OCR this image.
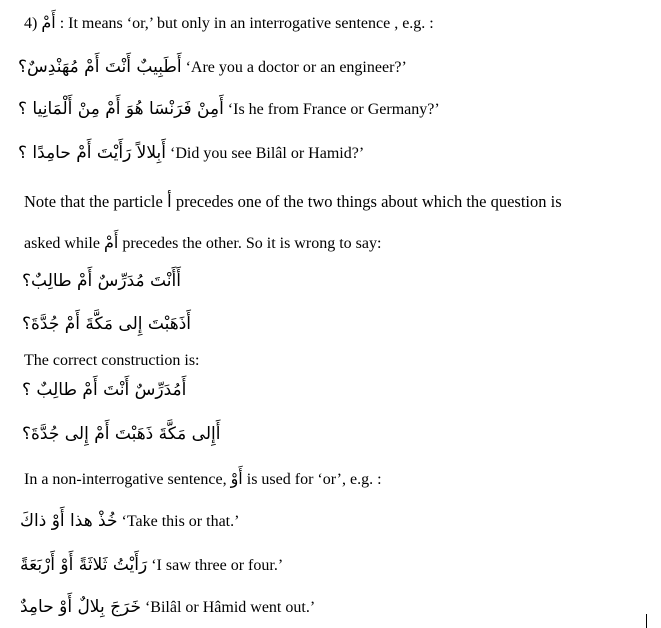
4) أَمْ : It means ‘or,’ but only in an interrogative sentence , e.g. :
أَطَبِيبٌ أَنْتَ أَمْ مُهَنْدِسٌ؟ ‘Are you a doctor or an engineer?’
أَمِنْ فَرَنْسَا هُوَ أَمْ مِنْ أَلْمَانِيا ؟ ‘Is he from France or Germany?’
أَبِلالاً رَأَيْتَ أَمْ حامِدًا ؟ ‘Did you see Bilâl or Hamid?’
Note that the particle أ precedes one of the two things about which the question is
asked while أَمْ precedes the other. So it is wrong to say:
أَأَنْتَ مُدَرِّسٌ أَمْ طالِبٌ؟
أَذَهَبْتَ إِلى مَكَّةَ أَمْ جُدَّةَ؟
The correct construction is:
أَمُدَرِّسٌ أَنْتَ أَمْ طالِبٌ ؟
أَإِلى مَكَّةَ ذَهَبْتَ أَمْ إِلى جُدَّةَ؟
In a non-interrogative sentence, أَوْ is used for ‘or’, e.g. :
خُذْ هذا أَوْ ذاكَ ‘Take this or that.’
رَأَيْتُ ثَلاثَةً أَوْ أَرْبَعَةً ‘I saw three or four.’
خَرَجَ بِلالٌ أَوْ حامِدٌ ‘Bilâl or Hâmid went out.’
